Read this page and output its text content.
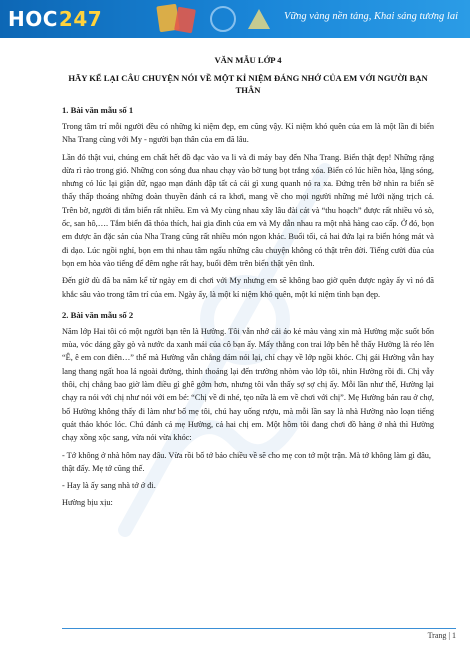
HOC 247	Vững vàng nền tảng, Khai sáng tương lai
VĂN MẪU LỚP 4
HÃY KỂ LẠI CÂU CHUYỆN NÓI VỀ MỘT KỈ NIỆM ĐÁNG NHỚ CỦA EM VỚI NGƯỜI BẠN THÂN
1. Bài văn mẫu số 1

Trong tâm trí mỗi người đều có những kỉ niệm đẹp, em cũng vậy. Kỉ niệm khó quên của em là một lần đi biển Nha Trang cùng với My - người bạn thân của em đã lâu.

Lần đó thật vui, chúng em chất hết đồ đạc vào va li và đi máy bay đến Nha Trang. Biển thật đẹp! Những rặng dừa rì rào trong gió. Những con sóng đua nhau chạy vào bờ tung bọt trắng xóa. Biển có lúc hiền hòa, lặng sóng, nhưng có lúc lại giận dữ, ngạo mạn đánh đập tất cả cái gì xung quanh nó ra xa. Đứng trên bờ nhìn ra biển sẽ thấy thấp thoáng những đoàn thuyền đánh cá ra khơi, mang về cho mọi người những mẻ lưới nặng trịch cá. Trên bờ, người đi tắm biển rất nhiều. Em và My cùng nhau xây lâu đài cát và “thu hoạch” được rất nhiều vỏ sò, ốc, san hô,…. Tắm biển đã thỏa thích, hai gia đình của em và My dẫn nhau ra một nhà hàng cao cấp. Ở đó, bọn em được ăn đặc sản của Nha Trang cũng rất nhiều món ngon khác. Buổi tối, cả hai đứa lại ra biển hóng mát và đi dạo. Lúc ngồi nghỉ, bọn em thi nhau tâm ngẩu những câu chuyện không có thật trên đời. Tiếng cười đùa của bọn em hòa vào tiếng để đêm nghe rất hay, buổi đêm trên biển thật yên tĩnh.

Đến giờ dù đã ba năm kể từ ngày em đi chơi với My nhưng em sẽ không bao giờ quên được ngày ấy vì nó đã khắc sâu vào trong tâm trí của em. Ngày ấy, là một kỉ niệm khó quên, một kỉ niệm tình bạn đẹp.

2. Bài văn mẫu số 2

Năm lớp Hai tôi có một người bạn tên là Hường. Tôi vẫn nhớ cái áo kẻ màu vàng xin mà Hường mặc suốt bốn mùa, vóc dáng gầy gò và nước da xanh mái của cô bạn ấy. Mấy thằng con trai lớp bên hễ thấy Hường là réo lên “Ê, ê em con điên…” thế mà Hường vẫn chẳng dám nói lại, chỉ chạy về lớp ngồi khóc. Chị gái Hường vẫn hay lang thang ngất hoa lá ngoài đường, thỉnh thoảng lại đến trường nhòm vào lớp tôi, nhìn Hường rồi đi. Chị vẫy thôi, chị chẳng bao giờ làm điều gì ghê gớm hơn, nhưng tôi vẫn thấy sợ sợ chị ấy. Mỗi lần như thế, Hường lại chạy ra nói với chị như nói với em bé: “Chị về đi nhé, tẹo nữa là em về chơi với chị”. Mẹ Hường bán rau ở chợ, bố Hường không thấy đi làm như bố mẹ tôi, chú hay uống rượu, mà mỗi lần say là nhà Hường nào loạn tiếng quát tháo khóc lóc. Chú đánh cả mẹ Hường, cả hai chị em. Một hôm tôi đang chơi đồ hàng ở nhà thì Hường chạy xồng xộc sang, vừa nói vừa khóc:

- Tớ không ở nhà hôm nay đâu. Vừa rồi bố tớ bảo chiều về sẽ cho mẹ con tớ một trận. Mà tớ không làm gì đâu, thật đấy. Mẹ tớ cũng thế.

- Hay là ấy sang nhà tớ ở đi.

Hường bịu xịu:

Trang | 1
